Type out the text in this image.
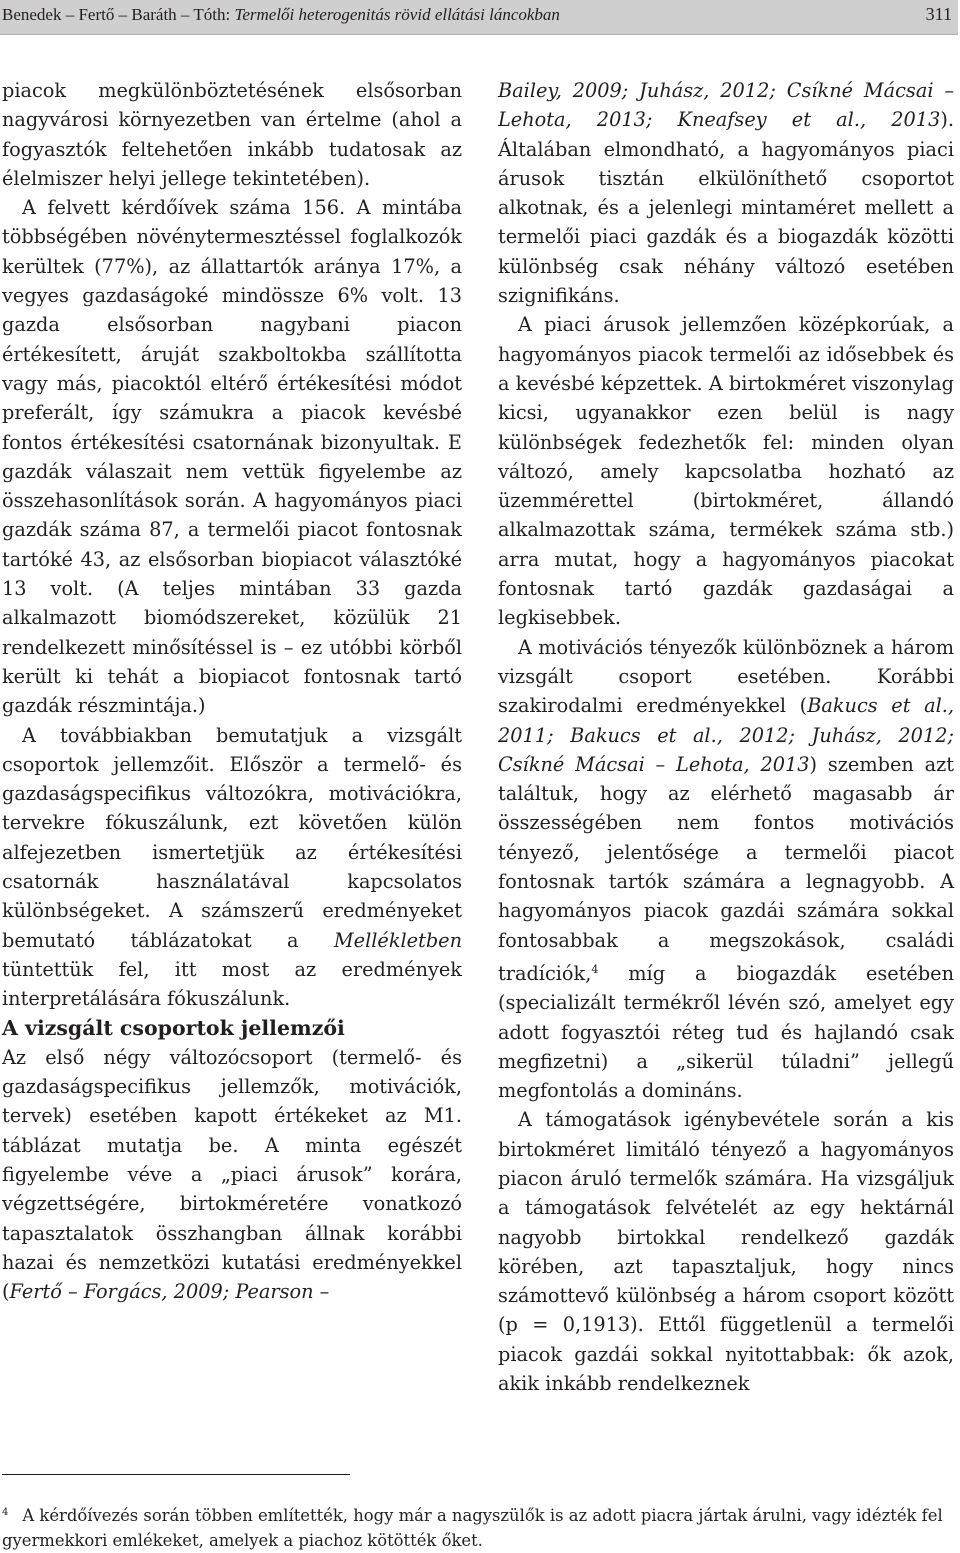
Benedek – Fertő – Baráth – Tóth: Termelői heterogenitás rövid ellátási láncokban	311

piacok megkülönböztetésének elsősorban nagyvárosi környezetben van értelme (ahol a fogyasztók feltehetően inkább tudatosak az élelmiszer helyi jellege tekintetében).

A felvett kérdőívek száma 156. A mintába többségében növénytermesztéssel foglalkozók kerültek (77%), az állattartók aránya 17%, a vegyes gazdaságoké mindössze 6% volt. 13 gazda elsősorban nagybani piacon értékesített, áruját szakboltokba szállította vagy más, piacoktól eltérő értékesítési módot preferált, így számukra a piacok kevésbé fontos értékesítési csatornának bizonyultak. E gazdák válaszait nem vettük figyelembe az összehasonlítások során. A hagyományos piaci gazdák száma 87, a termelői piacot fontosnak tartóké 43, az elsősorban biopiacot választóké 13 volt. (A teljes mintában 33 gazda alkalmazott biomódszereket, közülük 21 rendelkezett minősítéssel is – ez utóbbi körből került ki tehát a biopiacot fontosnak tartó gazdák részmintája.)

A továbbiakban bemutatjuk a vizsgált csoportok jellemzőit. Először a termelő- és gazdaságspecifikus változókra, motivációkra, tervekre fókuszálunk, ezt követően külön alfejezetben ismertetjük az értékesítési csatornák használatával kapcsolatos különbségeket. A számszerű eredményeket bemutató táblázatokat a Mellékletben tüntettük fel, itt most az eredmények interpretálására fókuszálunk.

A vizsgált csoportok jellemzői

Az első négy változócsoport (termelő- és gazdaságspecifikus jellemzők, motivációk, tervek) esetében kapott értékeket az M1. táblázat mutatja be. A minta egészét figyelembe véve a „piaci árusok” korára, végzettségére, birtokméretére vonatkozó tapasztalatok összhangban állnak korábbi hazai és nemzetközi kutatási eredményekkel (Fertő – Forgács, 2009; Pearson –

Bailey, 2009; Juhász, 2012; Csíkné Mácsai – Lehota, 2013; Kneafsey et al., 2013). Általában elmondható, a hagyományos piaci árusok tisztán elkülöníthető csoportot alkotnak, és a jelenlegi mintaméret mellett a termelői piaci gazdák és a biogazdák közötti különbség csak néhány változó esetében szignifikáns.

A piaci árusok jellemzően középkorúak, a hagyományos piacok termelői az idősebbek és a kevésbé képzettek. A birtokméret viszonylag kicsi, ugyanakkor ezen belül is nagy különbségek fedezhetők fel: minden olyan változó, amely kapcsolatba hozható az üzemmérettel (birtokméret, állandó alkalmazottak száma, termékek száma stb.) arra mutat, hogy a hagyományos piacokat fontosnak tartó gazdák gazdaságai a legkisebbek.

A motivációs tényezők különböznek a három vizsgált csoport esetében. Korábbi szakirodalmi eredményekkel (Bakucs et al., 2011; Bakucs et al., 2012; Juhász, 2012; Csíkné Mácsai – Lehota, 2013) szemben azt találtuk, hogy az elérhető magasabb ár összességében nem fontos motivációs tényező, jelentősége a termelői piacot fontosnak tartók számára a legnagyobb. A hagyományos piacok gazdái számára sokkal fontosabbak a megszokások, családi tradíciók,$^4$ míg a biogazdák esetében (specializált termékről lévén szó, amelyet egy adott fogyasztói réteg tud és hajlandó csak megfizetni) a „sikerül túladni” jellegű megfontolás a domináns.

A támogatások igénybevétele során a kis birtokméret limitáló tényező a hagyományos piacon áruló termelők számára. Ha vizsgáljuk a támogatások felvételét az egy hektárnál nagyobb birtokkal rendelkező gazdák körében, azt tapasztaljuk, hogy nincs számottevő különbség a három csoport között (p = 0,1913). Ettől függetlenül a termelői piacok gazdái sokkal nyitottabbak: ők azok, akik inkább rendelkeznek

$^4$ A kérdőívezés során többen említették, hogy már a nagyszülők is az adott piacra jártak árulni, vagy idézték fel gyermekkori emlékeket, amelyek a piachoz kötötték őket.
